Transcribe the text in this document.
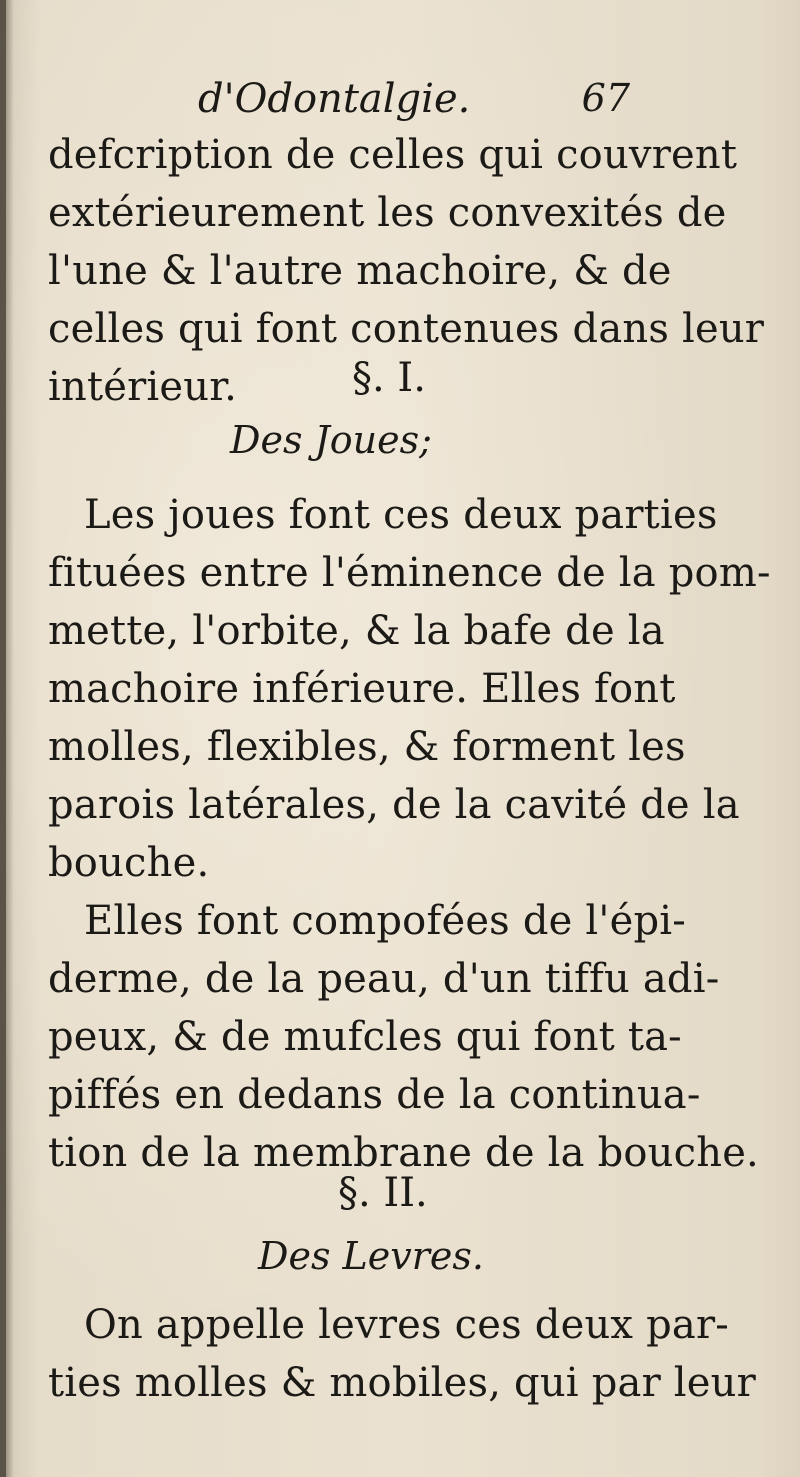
d'Odontalgie.	67
defcription de celles qui couvrent
extérieurement les convexités de
l'une & l'autre machoire, & de
celles qui font contenues dans leur
intérieur.	§. I.
Des Joues;
Les joues font ces deux parties
fituées entre l'éminence de la pom-
mette, l'orbite, & la bafe de la
machoire inférieure. Elles font
molles, flexibles, & forment les
parois latérales, de la cavité de la
bouche.
Elles font compofées de l'épi-
derme, de la peau, d'un tiffu adi-
peux, & de mufcles qui font ta-
piffés en dedans de la continua-
tion de la membrane de la bouche.
§. II.
Des Levres.
On appelle levres ces deux par-
ties molles & mobiles, qui par leur
